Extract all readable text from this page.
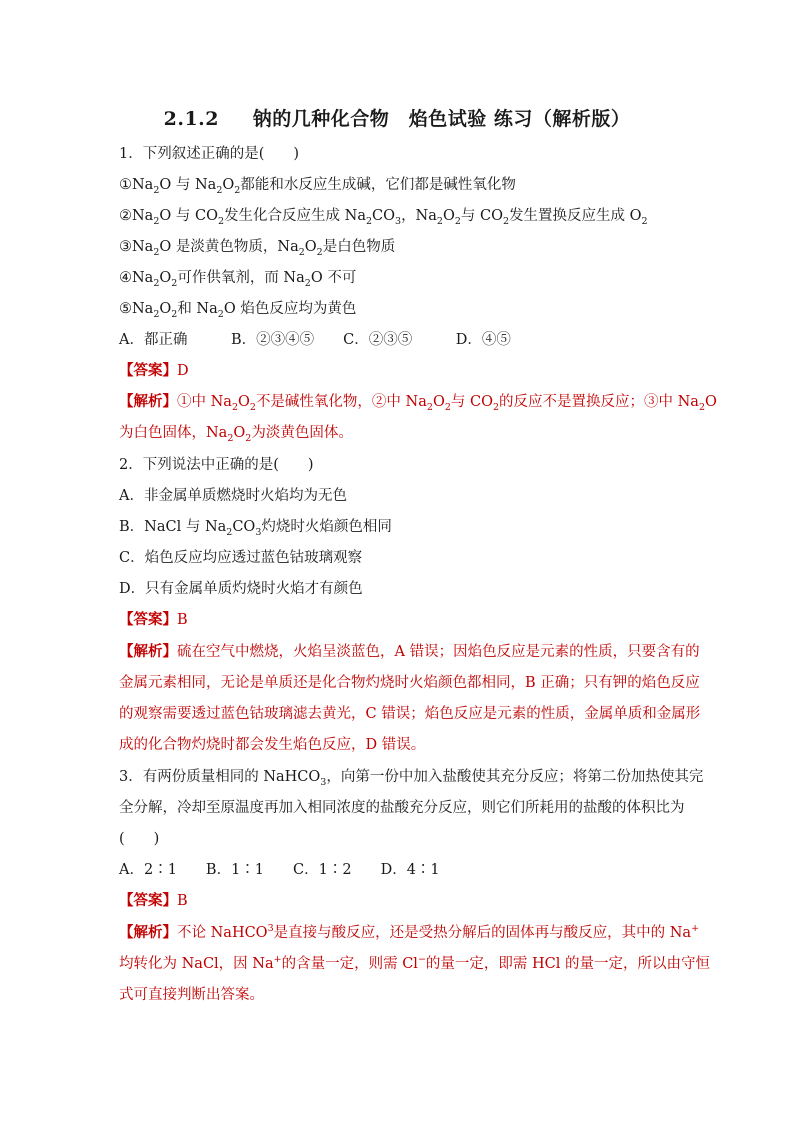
2.1.2　  钠的几种化合物　焰色试验 练习（解析版）
1．下列叙述正确的是(　　)
$①Na_2O$ 与 $Na_2O_2$都能和水反应生成碱，它们都是碱性氧化物
$②Na_2O$ 与 $CO_2$发生化合反应生成 $Na_2CO_3$，$Na_2O_2$与 $CO_2$发生置换反应生成 $O_2$
$③Na_2O$ 是淡黄色物质，$Na_2O_2$是白色物质
$④Na_2O_2$可作供氧剂，而 $Na_2O$ 不可
$⑤Na_2O_2$和 $Na_2O$ 焰色反应均为黄色
A．都正确　　　B．②③④⑤　　C．②③⑤　　　D．④⑤
【答案】D
【解析】①中 $Na_2O_2$不是碱性氧化物，②中 $Na_2O_2$与 $CO_2$的反应不是置换反应；③中 $Na_2O$
为白色固体，$Na_2O_2$为淡黄色固体。
2．下列说法中正确的是(　　)
A．非金属单质燃烧时火焰均为无色
B．NaCl 与 $Na_2CO_3$灼烧时火焰颜色相同
C．焰色反应均应透过蓝色钴玻璃观察
D．只有金属单质灼烧时火焰才有颜色
【答案】B
【解析】硫在空气中燃烧，火焰呈淡蓝色，A 错误；因焰色反应是元素的性质，只要含有的
金属元素相同，无论是单质还是化合物灼烧时火焰颜色都相同，B 正确；只有钾的焰色反应
的观察需要透过蓝色钴玻璃滤去黄光，C 错误；焰色反应是元素的性质，金属单质和金属形
成的化合物灼烧时都会发生焰色反应，D 错误。
3．有两份质量相同的 NaHCO$_3$，向第一份中加入盐酸使其充分反应；将第二份加热使其完
全分解，冷却至原温度再加入相同浓度的盐酸充分反应，则它们所耗用的盐酸的体积比为
(　　)
A．2∶1　　B．1∶1　　C．1∶2　　D．4∶1
【答案】B
【解析】不论 NaHCO$^3$是直接与酸反应，还是受热分解后的固体再与酸反应，其中的 Na+
均转化为 NaCl，因 Na+的含量一定，则需 Cl−的量一定，即需 HCl 的量一定，所以由守恒
式可直接判断出答案。
